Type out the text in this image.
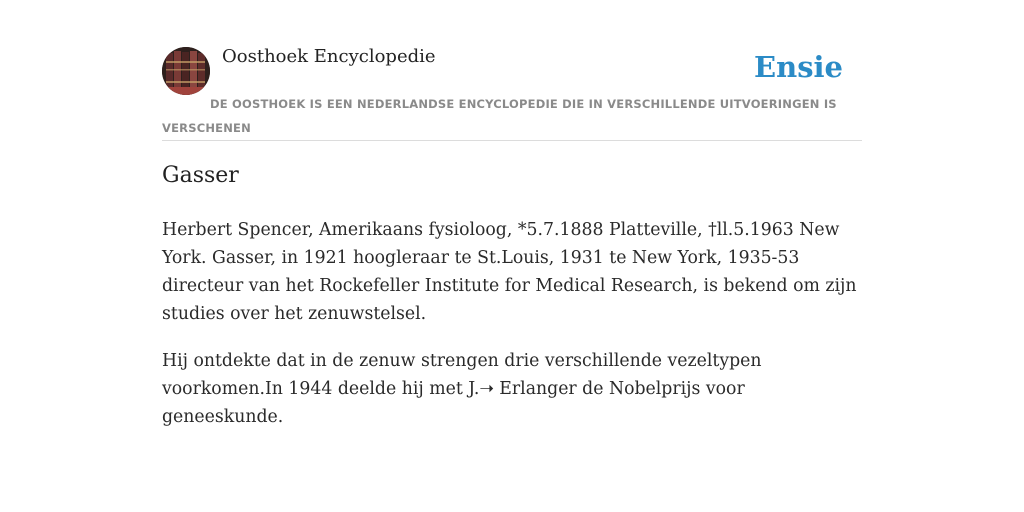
Oosthoek Encyclopedie	Ensie
DE OOSTHOEK IS EEN NEDERLANDSE ENCYCLOPEDIE DIE IN VERSCHILLENDE UITVOERINGEN IS VERSCHENEN
Gasser

Herbert Spencer, Amerikaans fysioloog, *5.7.1888 Platteville, †ll.5.1963 New York. Gasser, in 1921 hoogleraar te St.Louis, 1931 te New York, 1935-53 directeur van het Rockefeller Institute for Medical Research, is bekend om zijn studies over het zenuwstelsel.

Hij ontdekte dat in de zenuw strengen drie verschillende vezeltypen voorkomen.In 1944 deelde hij met J.➝ Erlanger de Nobelprijs voor geneeskunde.
